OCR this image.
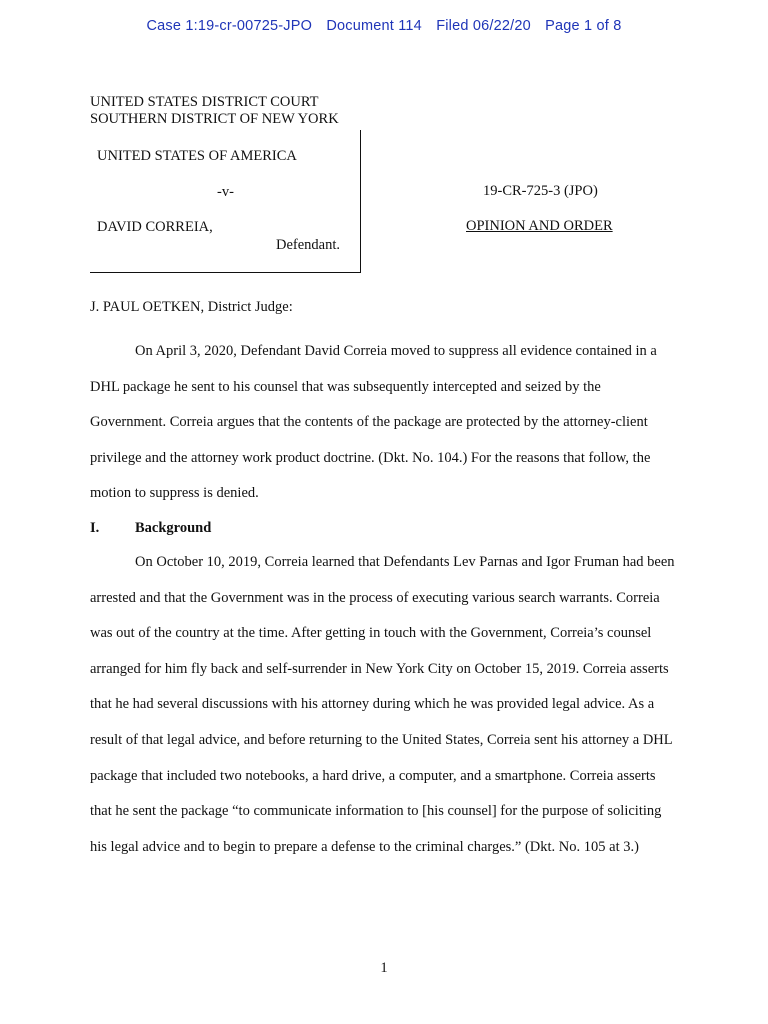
Case 1:19-cr-00725-JPO Document 114 Filed 06/22/20 Page 1 of 8
UNITED STATES DISTRICT COURT
SOUTHERN DISTRICT OF NEW YORK
UNITED STATES OF AMERICA
-v-
DAVID CORREIA,
Defendant.
19-CR-725-3 (JPO)
OPINION AND ORDER
J. PAUL OETKEN, District Judge:
On April 3, 2020, Defendant David Correia moved to suppress all evidence contained in a DHL package he sent to his counsel that was subsequently intercepted and seized by the Government. Correia argues that the contents of the package are protected by the attorney-client privilege and the attorney work product doctrine. (Dkt. No. 104.) For the reasons that follow, the motion to suppress is denied.
I. Background
On October 10, 2019, Correia learned that Defendants Lev Parnas and Igor Fruman had been arrested and that the Government was in the process of executing various search warrants. Correia was out of the country at the time. After getting in touch with the Government, Correia’s counsel arranged for him fly back and self-surrender in New York City on October 15, 2019. Correia asserts that he had several discussions with his attorney during which he was provided legal advice. As a result of that legal advice, and before returning to the United States, Correia sent his attorney a DHL package that included two notebooks, a hard drive, a computer, and a smartphone. Correia asserts that he sent the package “to communicate information to [his counsel] for the purpose of soliciting his legal advice and to begin to prepare a defense to the criminal charges.” (Dkt. No. 105 at 3.)
1
